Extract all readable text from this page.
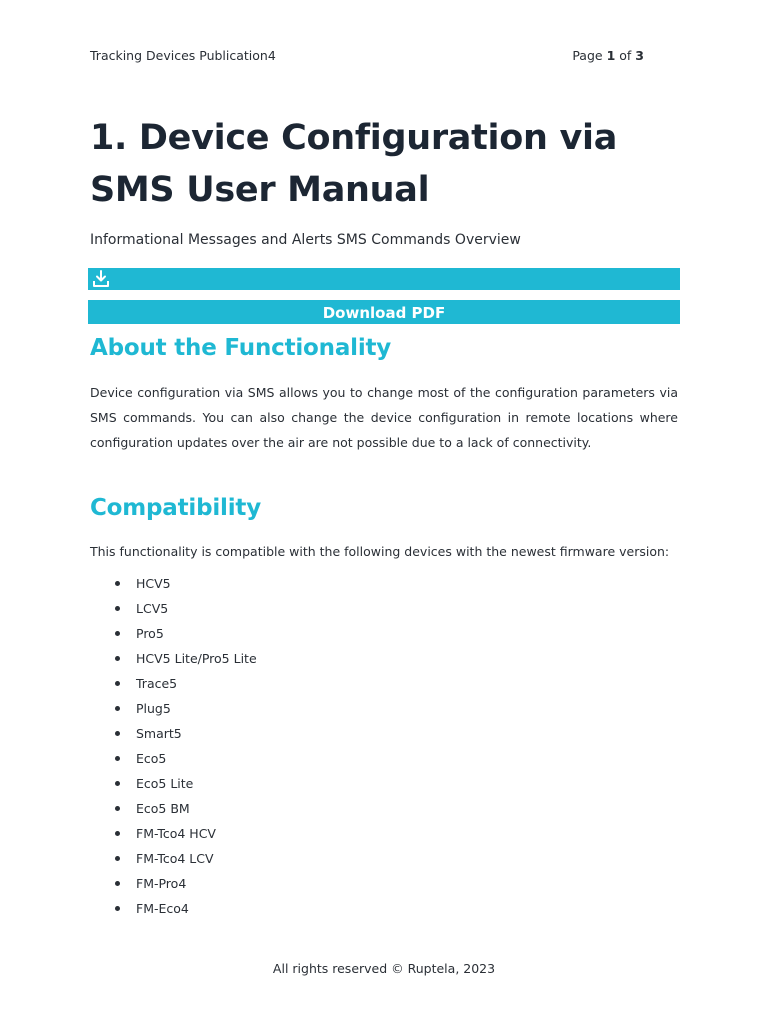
Tracking Devices Publication4	Page 1 of 3
1. Device Configuration via SMS User Manual
Informational Messages and Alerts SMS Commands Overview
Download PDF
About the Functionality

Device configuration via SMS allows you to change most of the configuration parameters via SMS commands. You can also change the device configuration in remote locations where configuration updates over the air are not possible due to a lack of connectivity.

Compatibility

This functionality is compatible with the following devices with the newest firmware version:

HCV5
LCV5
Pro5
HCV5 Lite/Pro5 Lite
Trace5
Plug5
Smart5
Eco5
Eco5 Lite
Eco5 BM
FM-Tco4 HCV
FM-Tco4 LCV
FM-Pro4
FM-Eco4
All rights reserved © Ruptela, 2023
